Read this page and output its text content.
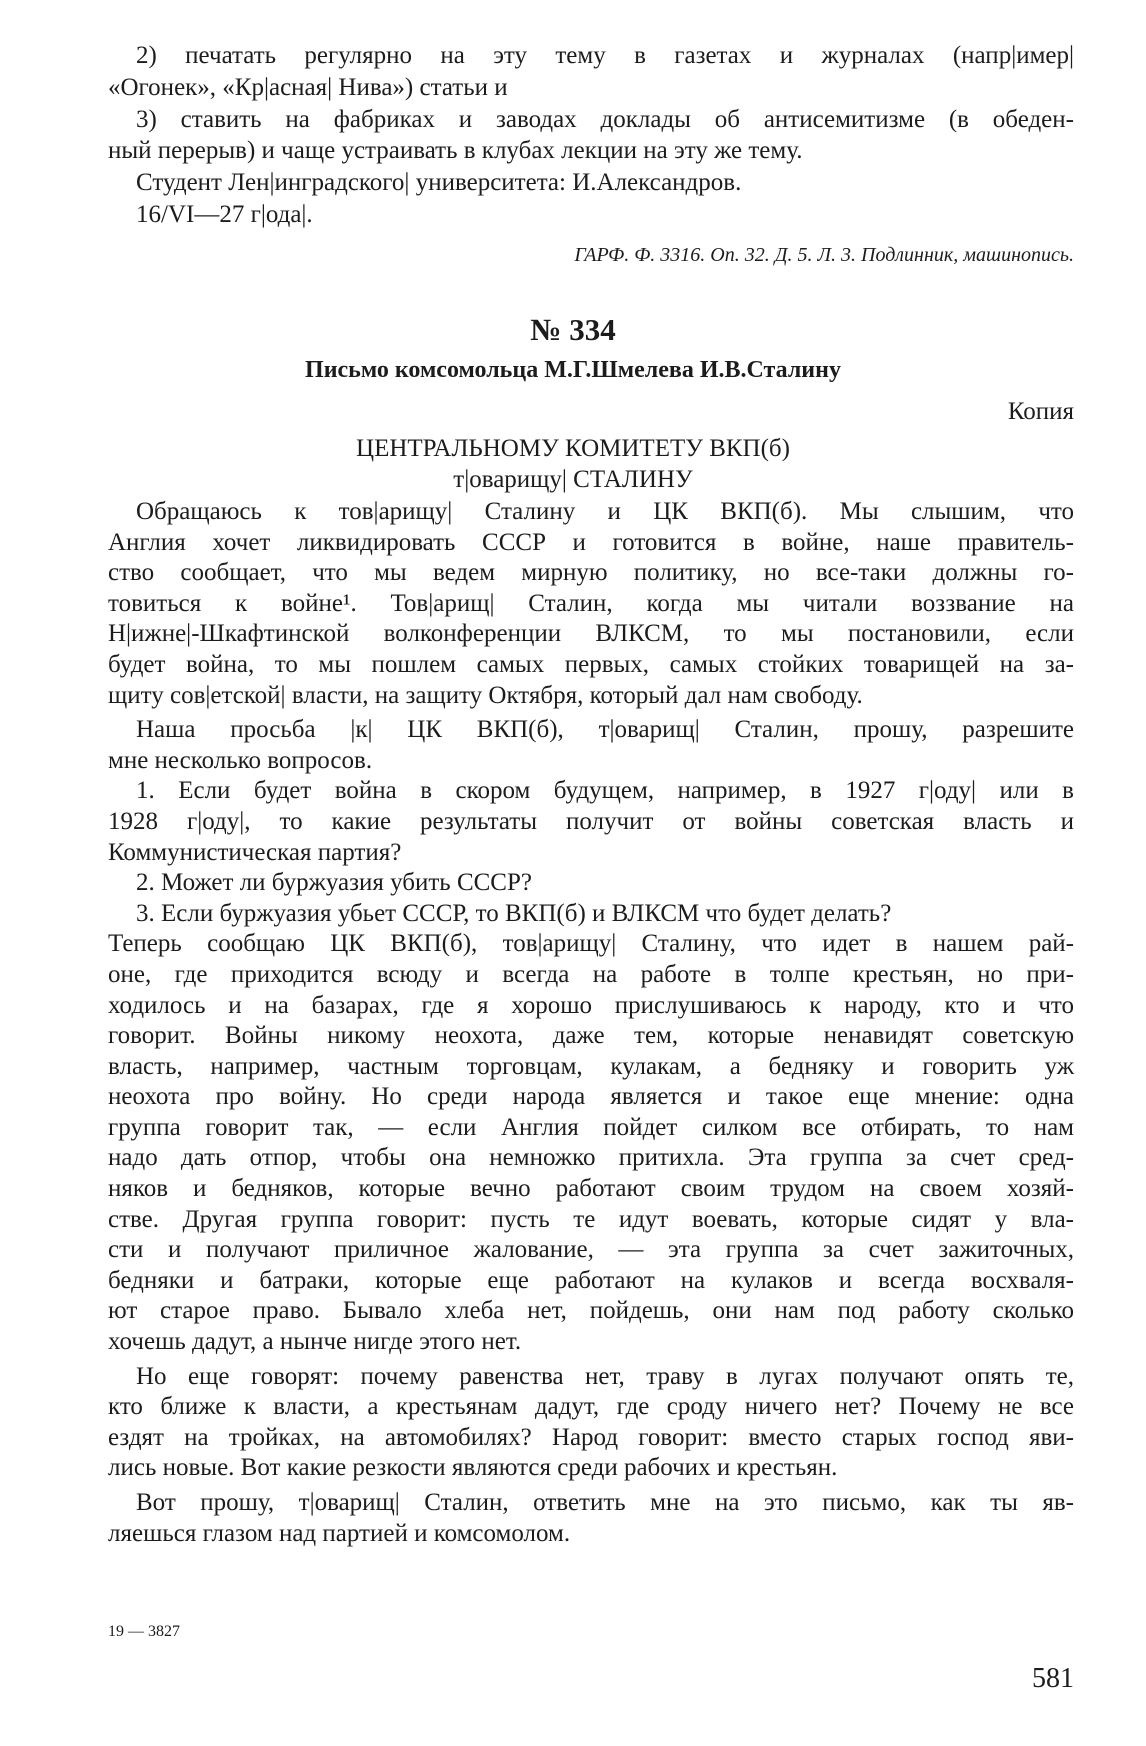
2) печатать регулярно на эту тему в газетах и журналах (напр|имер|
«Огонек», «Кр|асная| Нива») статьи и
3) ставить на фабриках и заводах доклады об антисемитизме (в обеден-
ный перерыв) и чаще устраивать в клубах лекции на эту же тему.
Студент Лен|инградского| университета: И.Александров.
16/VI—27 г|ода|.
ГАРФ. Ф. 3316. Оп. 32. Д. 5. Л. 3. Подлинник, машинопись.
№ 334
Письмо комсомольца М.Г.Шмелева И.В.Сталину
Копия
ЦЕНТРАЛЬНОМУ КОМИТЕТУ ВКП(б)
т|оварищу| СТАЛИНУ
Обращаюсь к тов|арищу| Сталину и ЦК ВКП(б). Мы слышим, что
Англия хочет ликвидировать СССР и готовится в войне, наше правитель-
ство сообщает, что мы ведем мирную политику, но все-таки должны го-
товиться к войне¹. Тов|арищ| Сталин, когда мы читали воззвание на
Н|ижне|-Шкафтинской волконференции ВЛКСМ, то мы постановили, если
будет война, то мы пошлем самых первых, самых стойких товарищей на за-
щиту сов|етской| власти, на защиту Октября, который дал нам свободу.
Наша просьба |к| ЦК ВКП(б), т|оварищ| Сталин, прошу, разрешите
мне несколько вопросов.
1. Если будет война в скором будущем, например, в 1927 г|оду| или в
1928 г|оду|, то какие результаты получит от войны советская власть и
Коммунистическая партия?
2. Может ли буржуазия убить СССР?
3. Если буржуазия убьет СССР, то ВКП(б) и ВЛКСМ что будет делать?
Теперь сообщаю ЦК ВКП(б), тов|арищу| Сталину, что идет в нашем рай-
оне, где приходится всюду и всегда на работе в толпе крестьян, но при-
ходилось и на базарах, где я хорошо прислушиваюсь к народу, кто и что
говорит. Войны никому неохота, даже тем, которые ненавидят советскую
власть, например, частным торговцам, кулакам, а бедняку и говорить уж
неохота про войну. Но среди народа является и такое еще мнение: одна
группа говорит так, — если Англия пойдет силком все отбирать, то нам
надо дать отпор, чтобы она немножко притихла. Эта группа за счет сред-
няков и бедняков, которые вечно работают своим трудом на своем хозяй-
стве. Другая группа говорит: пусть те идут воевать, которые сидят у вла-
сти и получают приличное жалование, — эта группа за счет зажиточных,
бедняки и батраки, которые еще работают на кулаков и всегда восхваля-
ют старое право. Бывало хлеба нет, пойдешь, они нам под работу сколько
хочешь дадут, а нынче нигде этого нет.
Но еще говорят: почему равенства нет, траву в лугах получают опять те,
кто ближе к власти, а крестьянам дадут, где сроду ничего нет? Почему не все
ездят на тройках, на автомобилях? Народ говорит: вместо старых господ яви-
лись новые. Вот какие резкости являются среди рабочих и крестьян.
Вот прошу, т|оварищ| Сталин, ответить мне на это письмо, как ты яв-
ляешься глазом над партией и комсомолом.
19 — 3827
581
